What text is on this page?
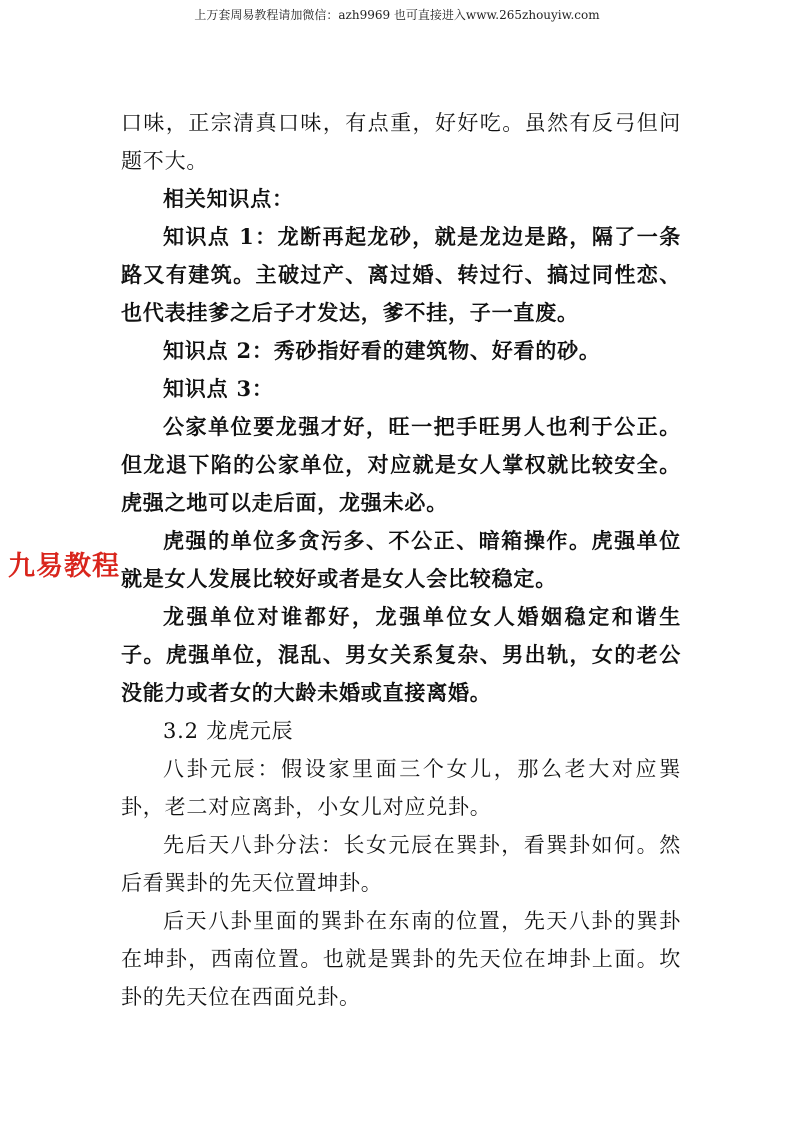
上万套周易教程请加微信：azh9969 也可直接进入www.265zhouyiw.com

口味，正宗清真口味，有点重，好好吃。虽然有反弓但问题不大。

相关知识点：

知识点 1：龙断再起龙砂，就是龙边是路，隔了一条路又有建筑。主破过产、离过婚、转过行、搞过同性恋、也代表挂爹之后子才发达，爹不挂，子一直废。

知识点 2：秀砂指好看的建筑物、好看的砂。

知识点 3：

公家单位要龙强才好，旺一把手旺男人也利于公正。但龙退下陷的公家单位，对应就是女人掌权就比较安全。虎强之地可以走后面，龙强未必。

虎强的单位多贪污多、不公正、暗箱操作。虎强单位就是女人发展比较好或者是女人会比较稳定。

龙强单位对谁都好，龙强单位女人婚姻稳定和谐生子。虎强单位，混乱、男女关系复杂、男出轨，女的老公没能力或者女的大龄未婚或直接离婚。

3.2 龙虎元辰

八卦元辰：假设家里面三个女儿，那么老大对应巽卦，老二对应离卦，小女儿对应兑卦。

先后天八卦分法：长女元辰在巽卦，看巽卦如何。然后看巽卦的先天位置坤卦。

后天八卦里面的巽卦在东南的位置，先天八卦的巽卦在坤卦，西南位置。也就是巽卦的先天位在坤卦上面。坎卦的先天位在西面兑卦。

九易教程
